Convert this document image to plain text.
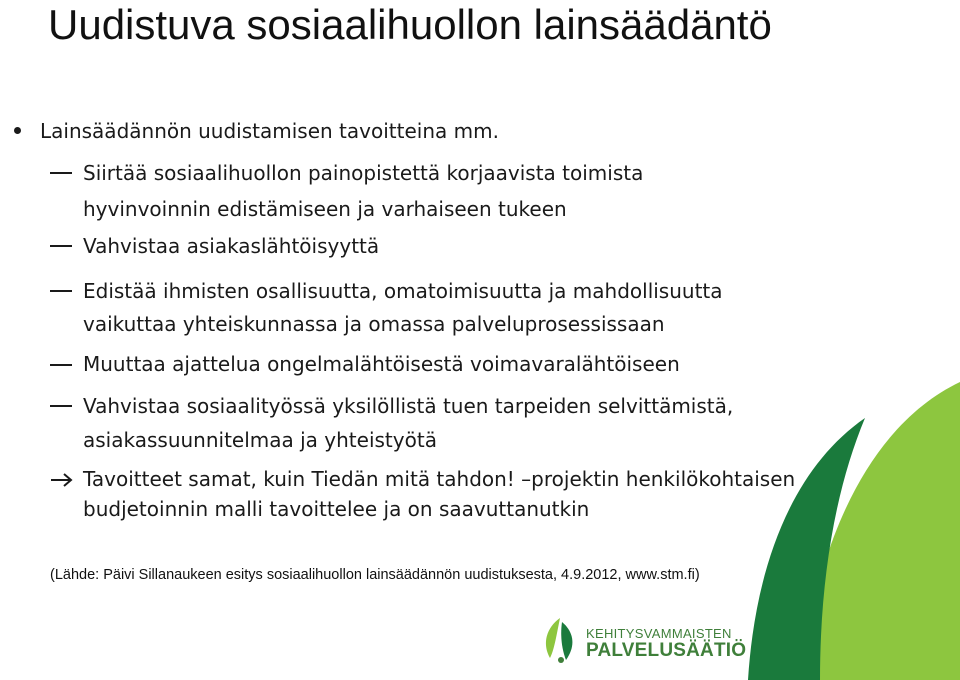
Uudistuva sosiaalihuollon lainsäädäntö
Lainsäädännön uudistamisen tavoitteina mm.
Siirtää sosiaalihuollon painopistettä korjaavista toimista
hyvinvoinnin edistämiseen ja varhaiseen tukeen
Vahvistaa asiakaslähtöisyyttä
Edistää ihmisten osallisuutta, omatoimisuutta ja mahdollisuutta
vaikuttaa yhteiskunnassa ja omassa palveluprosessissaan
Muuttaa ajattelua ongelmalähtöisestä voimavaralähtöiseen
Vahvistaa sosiaalityössä yksilöllistä tuen tarpeiden selvittämistä,
asiakassuunnitelmaa ja yhteistyötä
Tavoitteet samat, kuin Tiedän mitä tahdon! –projektin henkilökohtaisen
budjetoinnin malli tavoittelee ja on saavuttanutkin
(Lähde: Päivi Sillanaukeen esitys sosiaalihuollon lainsäädännön uudistuksesta, 4.9.2012, www.stm.fi)
KEHITYSVAMMAISTEN
PALVELUSÄÄTIÖ
